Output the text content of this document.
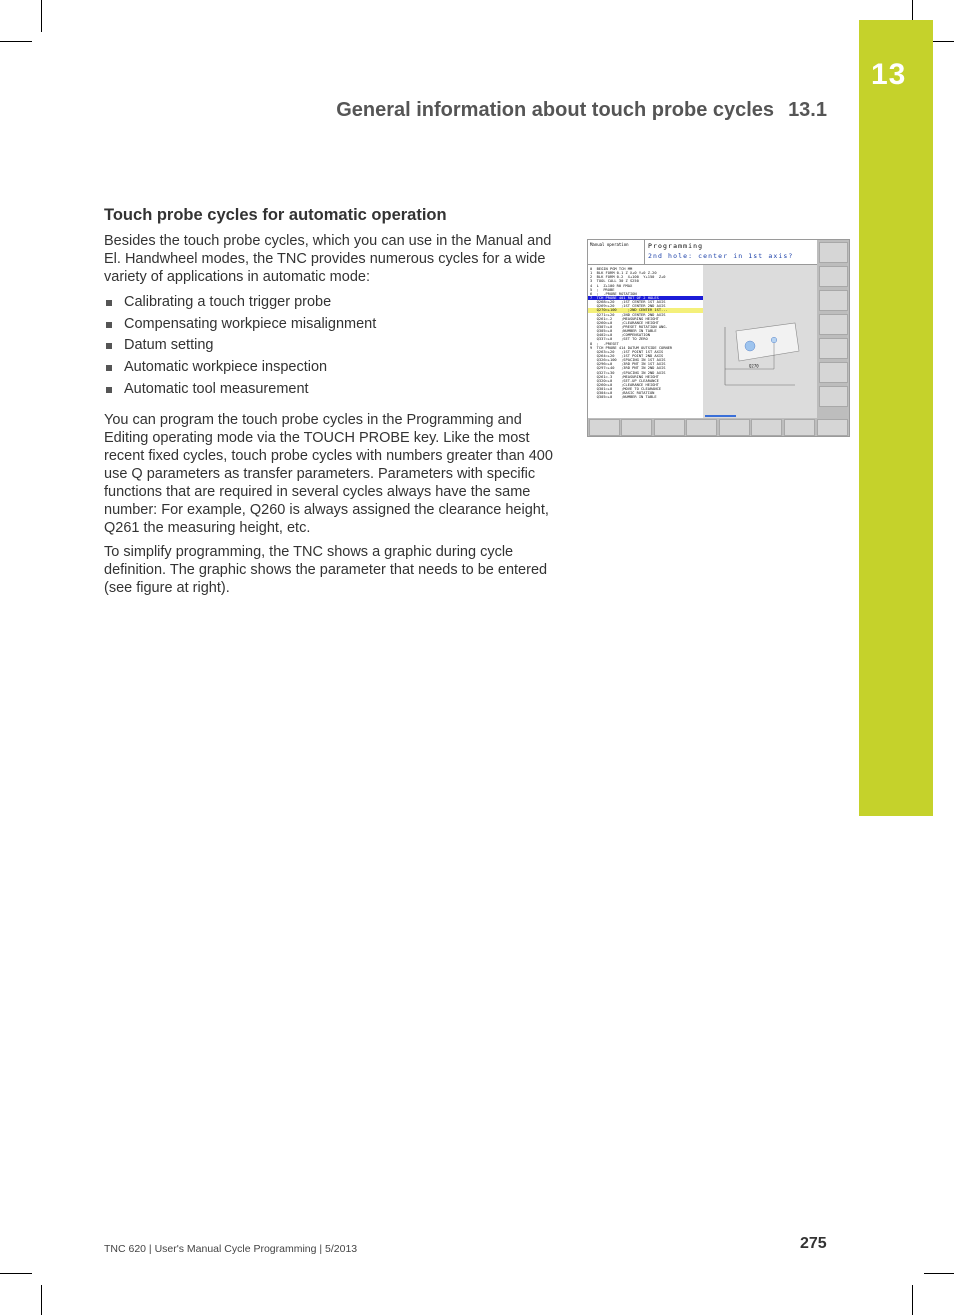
13
General information about touch probe cycles 13.1
Touch probe cycles for automatic operation

Besides the touch probe cycles, which you can use in the Manual and El. Handwheel modes, the TNC provides numerous cycles for a wide variety of applications in automatic mode:

Calibrating a touch trigger probe
Compensating workpiece misalignment
Datum setting
Automatic workpiece inspection
Automatic tool measurement

You can program the touch probe cycles in the Programming and Editing operating mode via the TOUCH PROBE key. Like the most recent fixed cycles, touch probe cycles with numbers greater than 400 use Q parameters as transfer parameters. Parameters with specific functions that are required in several cycles always have the same number: For example, Q260 is always assigned the clearance height, Q261 the measuring height, etc.

To simplify programming, the TNC shows a graphic during cycle definition. The graphic shows the parameter that needs to be entered (see figure at right).

Manual operation	Programming
2nd hole: center in 1st axis?
0  BEGIN PGM TCH MM
1  BLK FORM 0.1 Z X+0 Y+0 Z-20
2  BLK FORM 0.2  X+100  Y+150  Z+0
3  TOOL CALL 30 Z S250
4  L  Z+100 R0 FMAX
5  ;  PROBE
6  ;  -PROBE ROTATION
7  TCH PROBE 401 ROT OF 2 HOLES
Q268=+20   ;1ST CENTER 1ST AXIS
Q269=+20   ;1ST CENTER 2ND AXIS
Q270=+100     ;2ND CENTER 1ST...
Q271=+20   ;2ND CENTER 2ND AXIS
Q261=-2    ;MEASURING HEIGHT
Q260=+0    ;CLEARANCE HEIGHT
Q307=+0    ;PRESET ROTATION ANG.
Q305=+0    ;NUMBER IN TABLE
Q402=+0    ;COMPENSATION
Q337=+0    ;SET TO ZERO
8  ;  -PRESET
9  TCH PROBE 414 DATUM OUTSIDE CORNER
Q263=+20   ;1ST POINT 1ST AXIS
Q264=+20   ;1ST POINT 2ND AXIS
Q326=+100  ;SPACING IN 1ST AXIS
Q296=+0    ;3RD PNT IN 1ST AXIS
Q297=+40   ;3RD PNT IN 2ND AXIS
Q327=+30   ;SPACING IN 2ND AXIS
Q261=-3    ;MEASURING HEIGHT
Q320=+0    ;SET-UP CLEARANCE
Q260=+0    ;CLEARANCE HEIGHT
Q301=+0    ;MOVE TO CLEARANCE
Q304=+0    ;BASIC ROTATION
Q305=+0    ;NUMBER IN TABLE
Q270
TNC 620 | User's Manual Cycle Programming | 5/2013	275
